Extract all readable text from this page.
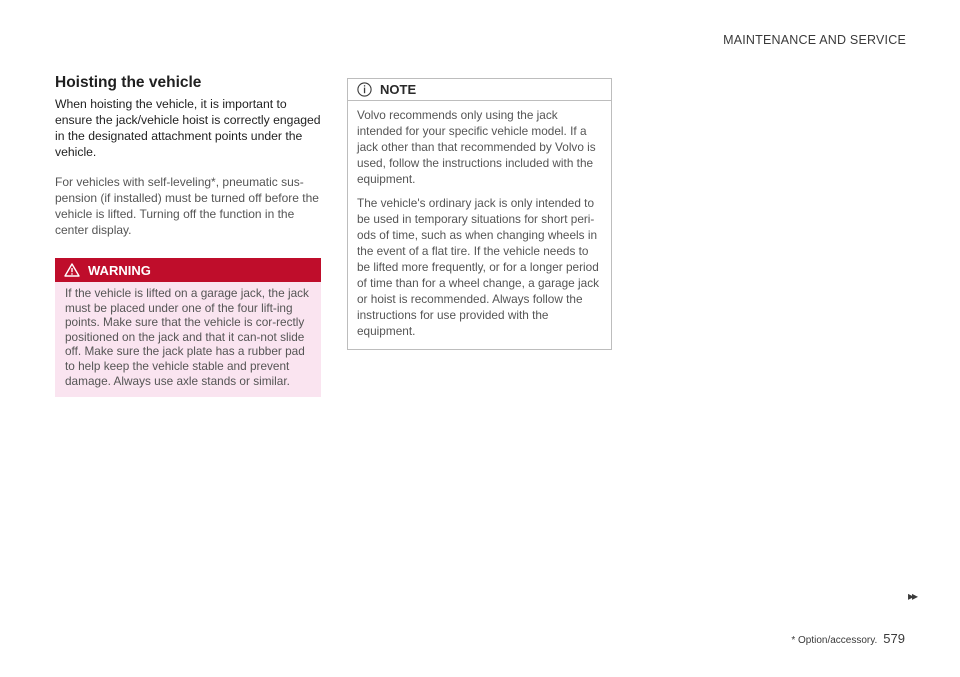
MAINTENANCE AND SERVICE
Hoisting the vehicle

When hoisting the vehicle, it is important to ensure the jack/vehicle hoist is correctly engaged in the designated attachment points under the vehicle.

For vehicles with self-leveling*, pneumatic sus-pension (if installed) must be turned off before the vehicle is lifted. Turning off the function in the center display.

WARNING
If the vehicle is lifted on a garage jack, the jack must be placed under one of the four lift-ing points. Make sure that the vehicle is cor-rectly positioned on the jack and that it can-not slide off. Make sure the jack plate has a rubber pad to help keep the vehicle stable and prevent damage. Always use axle stands or similar.
NOTE

Volvo recommends only using the jack intended for your specific vehicle model. If a jack other than that recommended by Volvo is used, follow the instructions included with the equipment.

The vehicle's ordinary jack is only intended to be used in temporary situations for short peri-ods of time, such as when changing wheels in the event of a flat tire. If the vehicle needs to be lifted more frequently, or for a longer period of time than for a wheel change, a garage jack or hoist is recommended. Always follow the instructions for use provided with the equipment.

▸▸
* Option/accessory. 579
